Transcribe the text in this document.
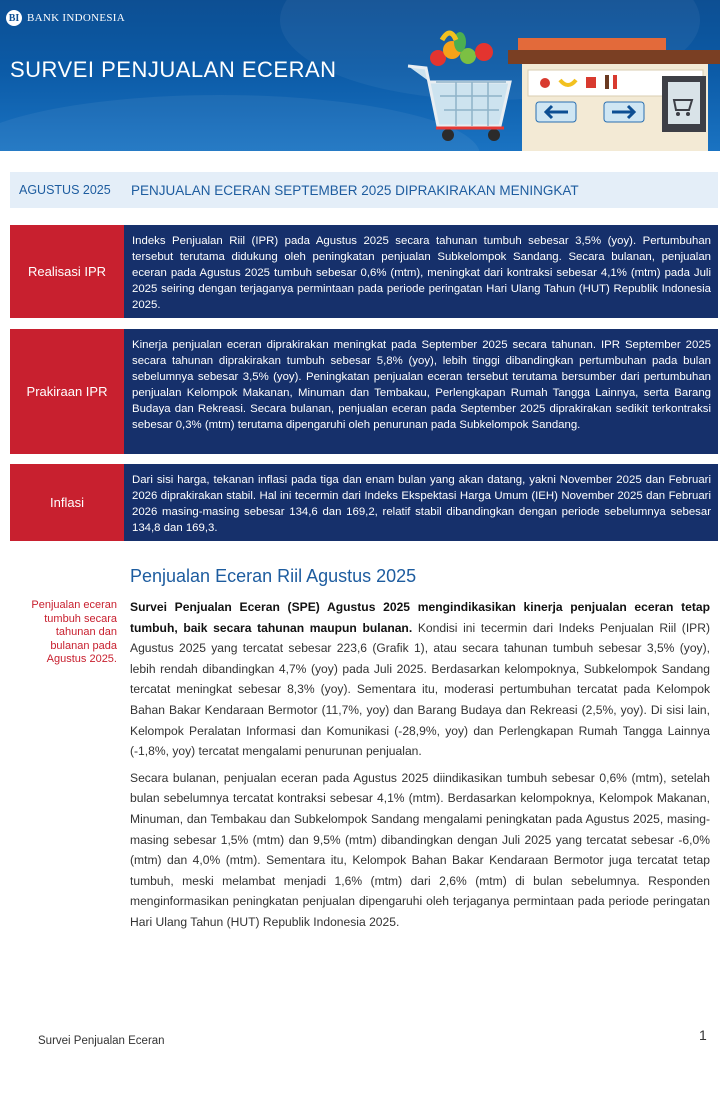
BI BANK INDONESIA
SURVEI PENJUALAN ECERAN
AGUSTUS 2025	PENJUALAN ECERAN SEPTEMBER 2025 DIPRAKIRAKAN MENINGKAT
Realisasi IPR
Indeks Penjualan Riil (IPR) pada Agustus 2025 secara tahunan tumbuh sebesar 3,5% (yoy). Pertumbuhan tersebut terutama didukung oleh peningkatan penjualan Subkelompok Sandang. Secara bulanan, penjualan eceran pada Agustus 2025 tumbuh sebesar 0,6% (mtm), meningkat dari kontraksi sebesar 4,1% (mtm) pada Juli 2025 seiring dengan terjaganya permintaan pada periode peringatan Hari Ulang Tahun (HUT) Republik Indonesia 2025.
Prakiraan IPR
Kinerja penjualan eceran diprakirakan meningkat pada September 2025 secara tahunan. IPR September 2025 secara tahunan diprakirakan tumbuh sebesar 5,8% (yoy), lebih tinggi dibandingkan pertumbuhan pada bulan sebelumnya sebesar 3,5% (yoy). Peningkatan penjualan eceran tersebut terutama bersumber dari pertumbuhan penjualan Kelompok Makanan, Minuman dan Tembakau, Perlengkapan Rumah Tangga Lainnya, serta Barang Budaya dan Rekreasi. Secara bulanan, penjualan eceran pada September 2025 diprakirakan sedikit terkontraksi sebesar 0,3% (mtm) terutama dipengaruhi oleh penurunan pada Subkelompok Sandang.
Inflasi
Dari sisi harga, tekanan inflasi pada tiga dan enam bulan yang akan datang, yakni November 2025 dan Februari 2026 diprakirakan stabil. Hal ini tecermin dari Indeks Ekspektasi Harga Umum (IEH) November 2025 dan Februari 2026 masing-masing sebesar 134,6 dan 169,2, relatif stabil dibandingkan dengan periode sebelumnya sebesar 134,8 dan 169,3.
Penjualan Eceran Riil Agustus 2025
Penjualan eceran tumbuh secara tahunan dan bulanan pada Agustus 2025.

Survei Penjualan Eceran (SPE) Agustus 2025 mengindikasikan kinerja penjualan eceran tetap tumbuh, baik secara tahunan maupun bulanan. Kondisi ini tecermin dari Indeks Penjualan Riil (IPR) Agustus 2025 yang tercatat sebesar 223,6 (Grafik 1), atau secara tahunan tumbuh sebesar 3,5% (yoy), lebih rendah dibandingkan 4,7% (yoy) pada Juli 2025. Berdasarkan kelompoknya, Subkelompok Sandang tercatat meningkat sebesar 8,3% (yoy). Sementara itu, moderasi pertumbuhan tercatat pada Kelompok Bahan Bakar Kendaraan Bermotor (11,7%, yoy) dan Barang Budaya dan Rekreasi (2,5%, yoy). Di sisi lain, Kelompok Peralatan Informasi dan Komunikasi (-28,9%, yoy) dan Perlengkapan Rumah Tangga Lainnya (-1,8%, yoy) tercatat mengalami penurunan penjualan.

Secara bulanan, penjualan eceran pada Agustus 2025 diindikasikan tumbuh sebesar 0,6% (mtm), setelah bulan sebelumnya tercatat kontraksi sebesar 4,1% (mtm). Berdasarkan kelompoknya, Kelompok Makanan, Minuman, dan Tembakau dan Subkelompok Sandang mengalami peningkatan pada Agustus 2025, masing-masing sebesar 1,5% (mtm) dan 9,5% (mtm) dibandingkan dengan Juli 2025 yang tercatat sebesar -6,0% (mtm) dan 4,0% (mtm). Sementara itu, Kelompok Bahan Bakar Kendaraan Bermotor juga tercatat tetap tumbuh, meski melambat menjadi 1,6% (mtm) dari 2,6% (mtm) di bulan sebelumnya. Responden menginformasikan peningkatan penjualan dipengaruhi oleh terjaganya permintaan pada periode peringatan Hari Ulang Tahun (HUT) Republik Indonesia 2025.

Survei Penjualan Eceran	1
